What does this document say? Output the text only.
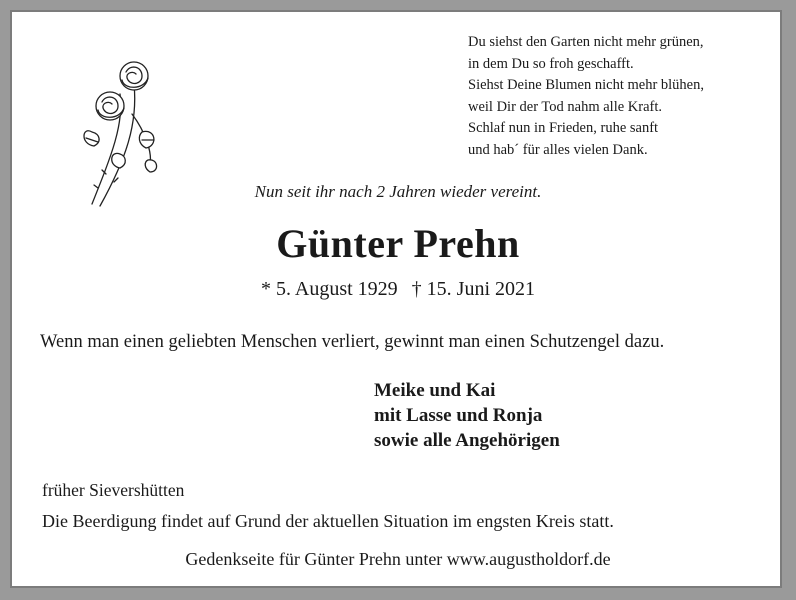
Du siehst den Garten nicht mehr grünen,
in dem Du so froh geschafft.
Siehst Deine Blumen nicht mehr blühen,
weil Dir der Tod nahm alle Kraft.
Schlaf nun in Frieden, ruhe sanft
und hab´ für alles vielen Dank.
Nun seit ihr nach 2 Jahren wieder vereint.
Günter Prehn
* 5. August 1929 † 15. Juni 2021
Wenn man einen geliebten Menschen verliert, gewinnt man einen Schutzengel dazu.
Meike und Kai
mit Lasse und Ronja
sowie alle Angehörigen
früher Sievershütten
Die Beerdigung findet auf Grund der aktuellen Situation im engsten Kreis statt.
Gedenkseite für Günter Prehn unter www.augustholdorf.de
